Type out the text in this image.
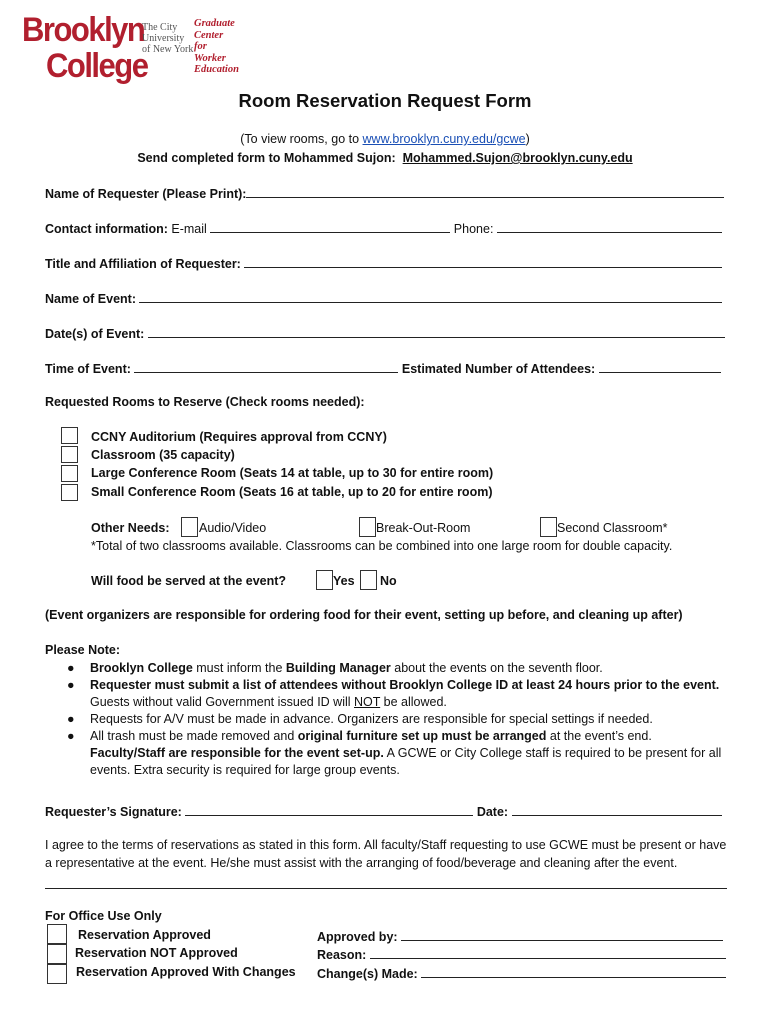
Brooklyn
College
The City
University
of New York
Graduate
Center
for
Worker
Education
Room Reservation Request Form
(To view rooms, go to www.brooklyn.cuny.edu/gcwe)
Send completed form to Mohammed Sujon: Mohammed.Sujon@brooklyn.cuny.edu
Name of Requester (Please Print):
Contact information: E-mail	Phone:
Title and Affiliation of Requester:
Name of Event:
Date(s) of Event:
Time of Event:	Estimated Number of Attendees:
Requested Rooms to Reserve (Check rooms needed):
CCNY Auditorium (Requires approval from CCNY)
Classroom (35 capacity)
Large Conference Room (Seats 14 at table, up to 30 for entire room)
Small Conference Room (Seats 16 at table, up to 20 for entire room)
Other Needs: Audio/Video	Break-Out-Room	Second Classroom*
*Total of two classrooms available. Classrooms can be combined into one large room for double capacity.
Will food be served at the event?	Yes No
(Event organizers are responsible for ordering food for their event, setting up before, and cleaning up after)
Please Note:
● Brooklyn College must inform the Building Manager about the events on the seventh floor.
● Requester must submit a list of attendees without Brooklyn College ID at least 24 hours prior to the event.
Guests without valid Government issued ID will NOT be allowed.
● Requests for A/V must be made in advance. Organizers are responsible for special settings if needed.
● All trash must be made removed and original furniture set up must be arranged at the event’s end.
Faculty/Staff are responsible for the event set-up. A GCWE or City College staff is required to be present for all events. Extra security is required for large group events.
Requester’s Signature:	Date:
I agree to the terms of reservations as stated in this form. All faculty/Staff requesting to use GCWE must be present or have a representative at the event. He/she must assist with the arranging of food/beverage and cleaning after the event.
For Office Use Only
Reservation Approved
Reservation NOT Approved
Reservation Approved With Changes
Approved by:
Reason:
Change(s) Made:
